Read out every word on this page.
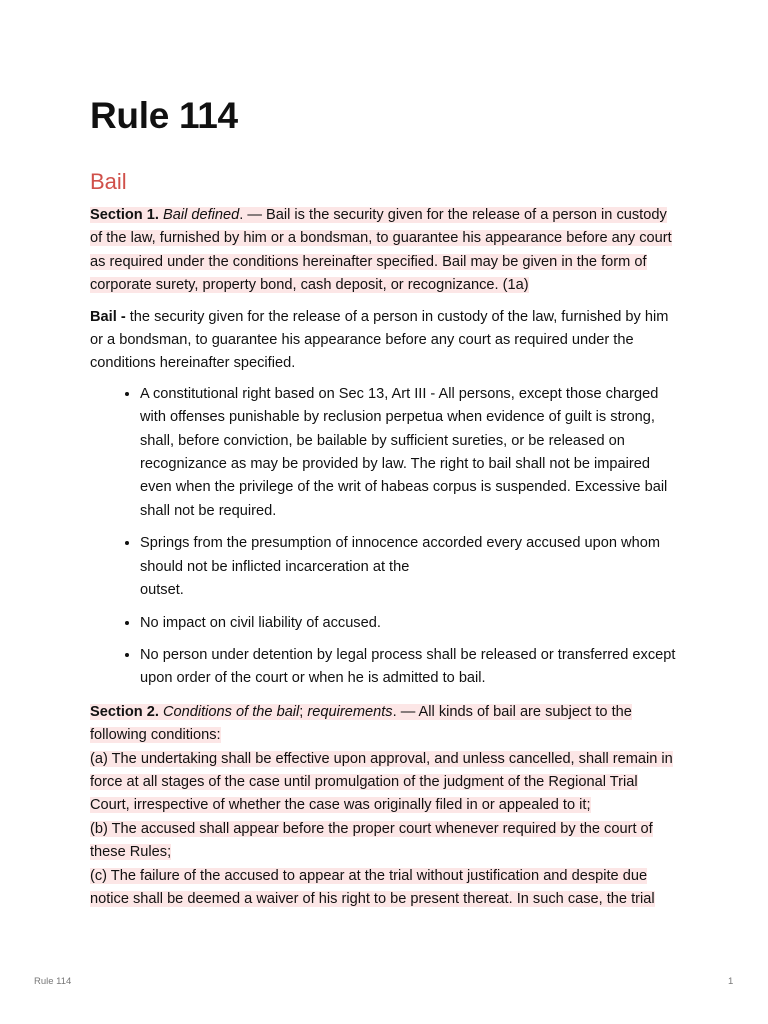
Rule 114
Bail

Section 1. Bail defined. — Bail is the security given for the release of a person in custody of the law, furnished by him or a bondsman, to guarantee his appearance before any court as required under the conditions hereinafter specified. Bail may be given in the form of corporate surety, property bond, cash deposit, or recognizance. (1a)

Bail - the security given for the release of a person in custody of the law, furnished by him or a bondsman, to guarantee his appearance before any court as required under the conditions hereinafter specified.

• A constitutional right based on Sec 13, Art III - All persons, except those charged with offenses punishable by reclusion perpetua when evidence of guilt is strong, shall, before conviction, be bailable by sufficient sureties, or be released on recognizance as may be provided by law. The right to bail shall not be impaired even when the privilege of the writ of habeas corpus is suspended. Excessive bail shall not be required.
• Springs from the presumption of innocence accorded every accused upon whom should not be inflicted incarceration at the
outset.
• No impact on civil liability of accused.
• No person under detention by legal process shall be released or transferred except upon order of the court or when he is admitted to bail.

Section 2. Conditions of the bail; requirements. — All kinds of bail are subject to the following conditions:
(a) The undertaking shall be effective upon approval, and unless cancelled, shall remain in force at all stages of the case until promulgation of the judgment of the Regional Trial Court, irrespective of whether the case was originally filed in or appealed to it;
(b) The accused shall appear before the proper court whenever required by the court of these Rules;
(c) The failure of the accused to appear at the trial without justification and despite due notice shall be deemed a waiver of his right to be present thereat. In such case, the trial

Rule 114	1
